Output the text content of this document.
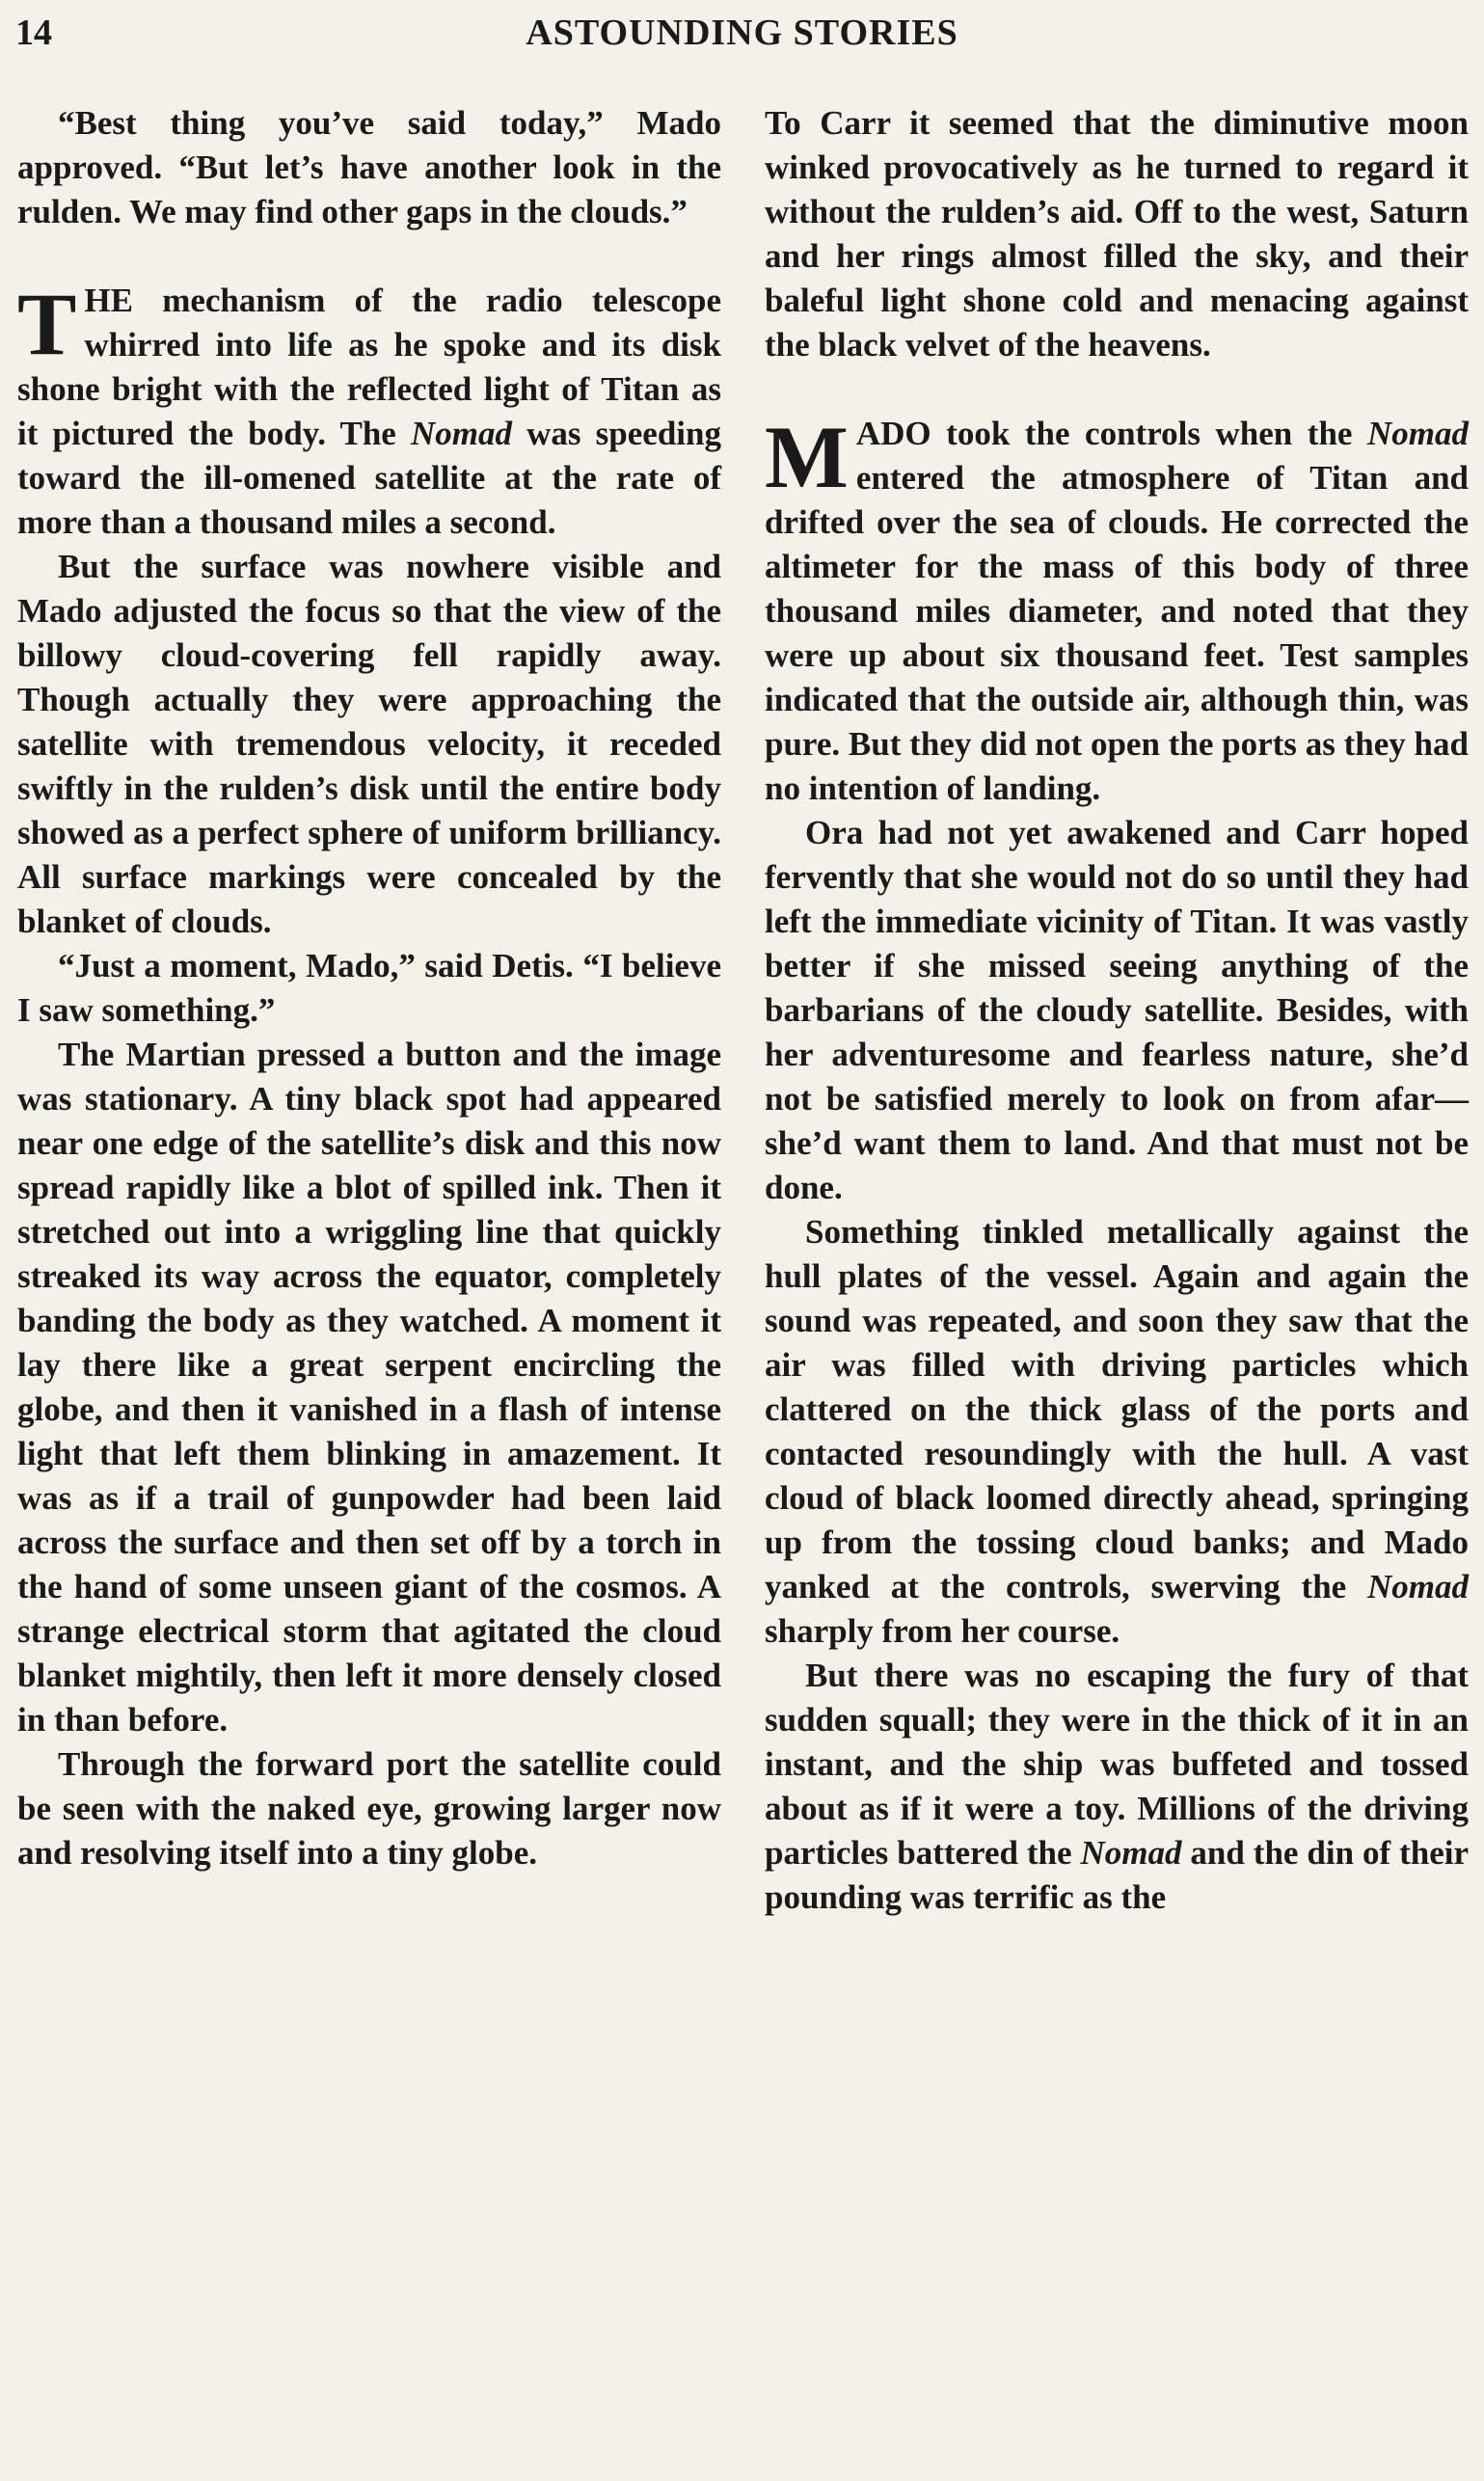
14	ASTOUNDING STORIES

“Best thing you’ve said today,” Mado approved. “But let’s have another look in the rulden. We may find other gaps in the clouds.”

THE mechanism of the radio telescope whirred into life as he spoke and its disk shone bright with the reflected light of Titan as it pictured the body. The Nomad was speeding toward the ill-omened satellite at the rate of more than a thousand miles a second.

But the surface was nowhere visible and Mado adjusted the focus so that the view of the billowy cloud-covering fell rapidly away. Though actually they were approaching the satellite with tremendous velocity, it receded swiftly in the rulden’s disk until the entire body showed as a perfect sphere of uniform brilliancy. All surface markings were concealed by the blanket of clouds.

“Just a moment, Mado,” said Detis. “I believe I saw something.”

The Martian pressed a button and the image was stationary. A tiny black spot had appeared near one edge of the satellite’s disk and this now spread rapidly like a blot of spilled ink. Then it stretched out into a wriggling line that quickly streaked its way across the equator, completely banding the body as they watched. A moment it lay there like a great serpent encircling the globe, and then it vanished in a flash of intense light that left them blinking in amazement. It was as if a trail of gunpowder had been laid across the surface and then set off by a torch in the hand of some unseen giant of the cosmos. A strange electrical storm that agitated the cloud blanket mightily, then left it more densely closed in than before.

Through the forward port the satellite could be seen with the naked eye, growing larger now and resolving itself into a tiny globe.

To Carr it seemed that the diminutive moon winked provocatively as he turned to regard it without the rulden’s aid. Off to the west, Saturn and her rings almost filled the sky, and their baleful light shone cold and menacing against the black velvet of the heavens.

MADO took the controls when the Nomad entered the atmosphere of Titan and drifted over the sea of clouds. He corrected the altimeter for the mass of this body of three thousand miles diameter, and noted that they were up about six thousand feet. Test samples indicated that the outside air, although thin, was pure. But they did not open the ports as they had no intention of landing.

Ora had not yet awakened and Carr hoped fervently that she would not do so until they had left the immediate vicinity of Titan. It was vastly better if she missed seeing anything of the barbarians of the cloudy satellite. Besides, with her adventuresome and fearless nature, she’d not be satisfied merely to look on from afar—she’d want them to land. And that must not be done.

Something tinkled metallically against the hull plates of the vessel. Again and again the sound was repeated, and soon they saw that the air was filled with driving particles which clattered on the thick glass of the ports and contacted resoundingly with the hull. A vast cloud of black loomed directly ahead, springing up from the tossing cloud banks; and Mado yanked at the controls, swerving the Nomad sharply from her course.

But there was no escaping the fury of that sudden squall; they were in the thick of it in an instant, and the ship was buffeted and tossed about as if it were a toy. Millions of the driving particles battered the Nomad and the din of their pounding was terrific as the
